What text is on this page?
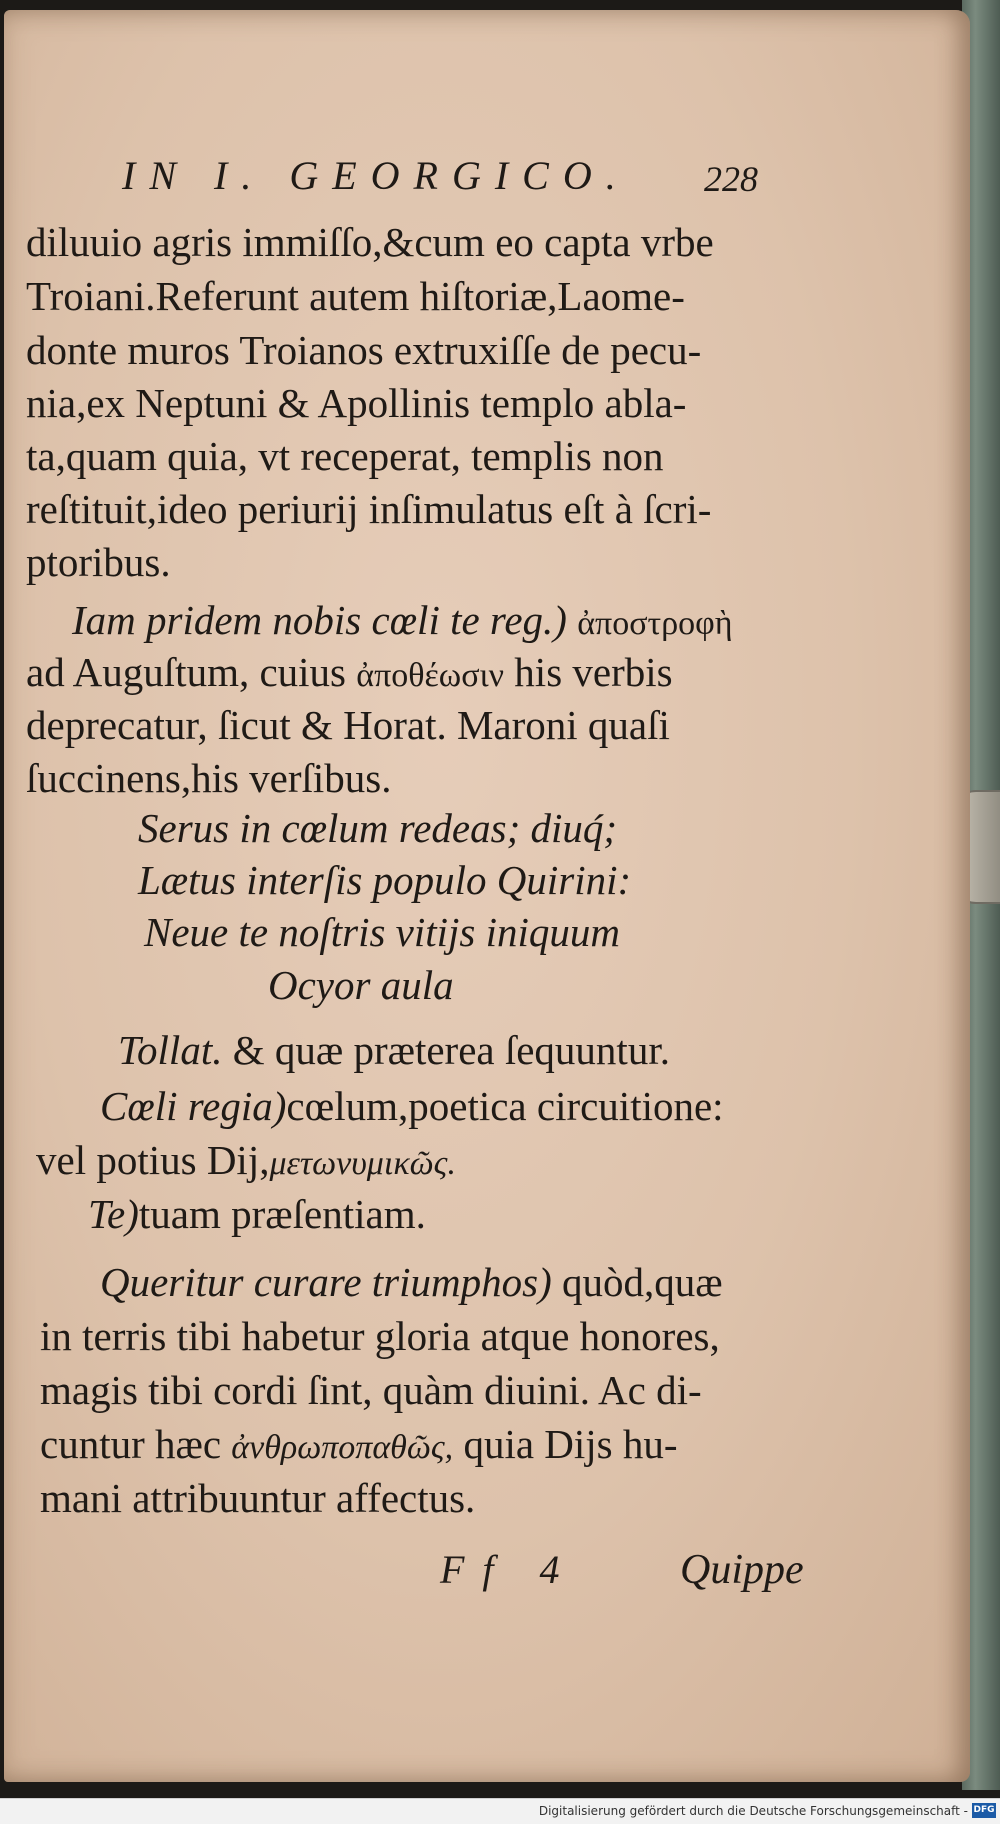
IN I. GEORGICO. 228
diluuio agris immiſſo,&cum eo capta vrbe
Troiani.Referunt autem hiſtoriæ,Laome-
donte muros Troianos extruxiſſe de pecu-
nia,ex Neptuni & Apollinis templo abla-
ta,quam quia, vt receperat, templis non
reſtituit,ideo periurij inſimulatus eſt à ſcri-
ptoribus.
Iam pridem nobis cœli te reg.) ἀποστροφὴ
ad Auguſtum, cuius ἀποθέωσιν his verbis
deprecatur, ſicut & Horat. Maroni quaſi
ſuccinens,his verſibus.
Serus in cœlum redeas; diuq́;
Lætus interſis populo Quirini:
Neue te noſtris vitijs iniquum
Ocyor aula
Tollat. & quæ præterea ſequuntur.
Cœli regia)cœlum,poetica circuitione:
vel potius Dij,μετωνυμικῶς.
Te)tuam præſentiam.
Queritur curare triumphos) quòd,quæ
in terris tibi habetur gloria atque honores,
magis tibi cordi ſint, quàm diuini. Ac di-
cuntur hæc ἀνθρωποπαθῶς, quia Dijs hu-
mani attribuuntur affectus.
Ff 4 Quippe
Digitalisierung gefördert durch die Deutsche Forschungsgemeinschaft - DFG
